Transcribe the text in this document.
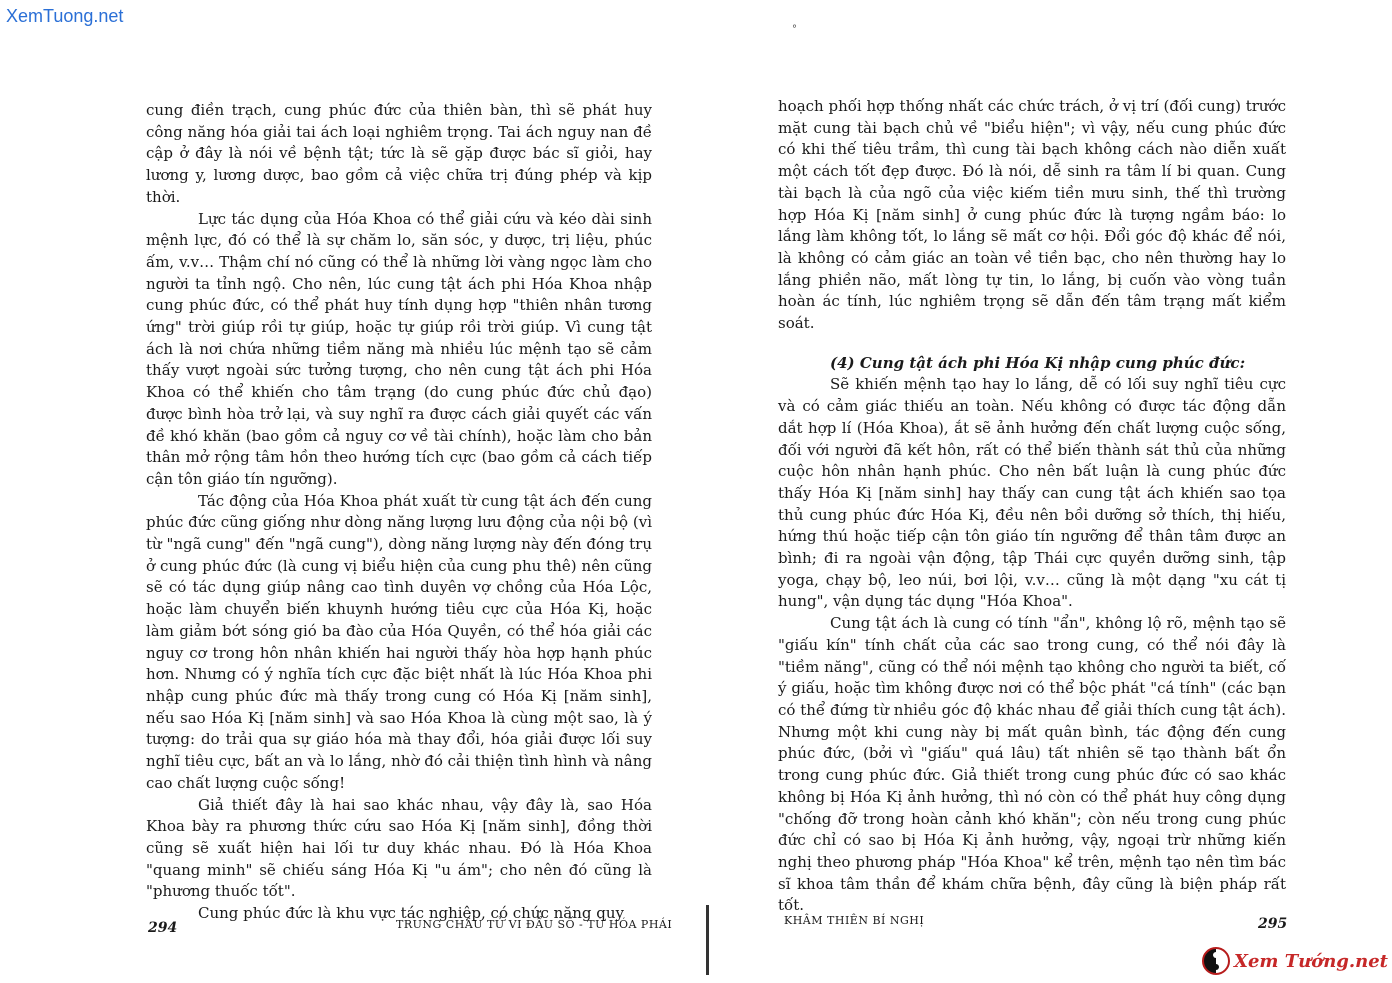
XemTuong.net
°

cung điền trạch, cung phúc đức của thiên bàn, thì sẽ phát huy công năng hóa giải tai ách loại nghiêm trọng. Tai ách nguy nan đề cập ở đây là nói về bệnh tật; tức là sẽ gặp được bác sĩ giỏi, hay lương y, lương dược, bao gồm cả việc chữa trị đúng phép và kịp thời.

Lực tác dụng của Hóa Khoa có thể giải cứu và kéo dài sinh mệnh lực, đó có thể là sự chăm lo, săn sóc, y dược, trị liệu, phúc ấm, v.v… Thậm chí nó cũng có thể là những lời vàng ngọc làm cho người ta tỉnh ngộ. Cho nên, lúc cung tật ách phi Hóa Khoa nhập cung phúc đức, có thể phát huy tính dụng hợp "thiên nhân tương ứng" trời giúp rồi tự giúp, hoặc tự giúp rồi trời giúp. Vì cung tật ách là nơi chứa những tiềm năng mà nhiều lúc mệnh tạo sẽ cảm thấy vượt ngoài sức tưởng tượng, cho nên cung tật ách phi Hóa Khoa có thể khiến cho tâm trạng (do cung phúc đức chủ đạo) được bình hòa trở lại, và suy nghĩ ra được cách giải quyết các vấn đề khó khăn (bao gồm cả nguy cơ về tài chính), hoặc làm cho bản thân mở rộng tâm hồn theo hướng tích cực (bao gồm cả cách tiếp cận tôn giáo tín ngưỡng).

Tác động của Hóa Khoa phát xuất từ cung tật ách đến cung phúc đức cũng giống như dòng năng lượng lưu động của nội bộ (vì từ "ngã cung" đến "ngã cung"), dòng năng lượng này đến đóng trụ ở cung phúc đức (là cung vị biểu hiện của cung phu thê) nên cũng sẽ có tác dụng giúp nâng cao tình duyên vợ chồng của Hóa Lộc, hoặc làm chuyển biến khuynh hướng tiêu cực của Hóa Kị, hoặc làm giảm bớt sóng gió ba đào của Hóa Quyền, có thể hóa giải các nguy cơ trong hôn nhân khiến hai người thấy hòa hợp hạnh phúc hơn. Nhưng có ý nghĩa tích cực đặc biệt nhất là lúc Hóa Khoa phi nhập cung phúc đức mà thấy trong cung có Hóa Kị [năm sinh], nếu sao Hóa Kị [năm sinh] và sao Hóa Khoa là cùng một sao, là ý tượng: do trải qua sự giáo hóa mà thay đổi, hóa giải được lối suy nghĩ tiêu cực, bất an và lo lắng, nhờ đó cải thiện tình hình và nâng cao chất lượng cuộc sống!

Giả thiết đây là hai sao khác nhau, vậy đây là, sao Hóa Khoa bày ra phương thức cứu sao Hóa Kị [năm sinh], đồng thời cũng sẽ xuất hiện hai lối tư duy khác nhau. Đó là Hóa Khoa "quang minh" sẽ chiếu sáng Hóa Kị "u ám"; cho nên đó cũng là "phương thuốc tốt".

Cung phúc đức là khu vực tác nghiệp, có chức năng quy

294	TRUNG CHÂU TỬ VI ĐẨU SỐ - TỨ HÓA PHÁI

hoạch phối hợp thống nhất các chức trách, ở vị trí (đối cung) trước mặt cung tài bạch chủ về "biểu hiện"; vì vậy, nếu cung phúc đức có khi thế tiêu trầm, thì cung tài bạch không cách nào diễn xuất một cách tốt đẹp được. Đó là nói, dễ sinh ra tâm lí bi quan. Cung tài bạch là của ngõ của việc kiếm tiền mưu sinh, thế thì trường hợp Hóa Kị [năm sinh] ở cung phúc đức là tượng ngầm báo: lo lắng làm không tốt, lo lắng sẽ mất cơ hội. Đổi góc độ khác để nói, là không có cảm giác an toàn về tiền bạc, cho nên thường hay lo lắng phiền não, mất lòng tự tin, lo lắng, bị cuốn vào vòng tuần hoàn ác tính, lúc nghiêm trọng sẽ dẫn đến tâm trạng mất kiểm soát.

(4) Cung tật ách phi Hóa Kị nhập cung phúc đức:

Sẽ khiến mệnh tạo hay lo lắng, dễ có lối suy nghĩ tiêu cực và có cảm giác thiếu an toàn. Nếu không có được tác động dẫn dắt hợp lí (Hóa Khoa), ắt sẽ ảnh hưởng đến chất lượng cuộc sống, đối với người đã kết hôn, rất có thể biến thành sát thủ của những cuộc hôn nhân hạnh phúc. Cho nên bất luận là cung phúc đức thấy Hóa Kị [năm sinh] hay thấy can cung tật ách khiến sao tọa thủ cung phúc đức Hóa Kị, đều nên bồi dưỡng sở thích, thị hiếu, hứng thú hoặc tiếp cận tôn giáo tín ngưỡng để thân tâm được an bình; đi ra ngoài vận động, tập Thái cực quyền dưỡng sinh, tập yoga, chạy bộ, leo núi, bơi lội, v.v… cũng là một dạng "xu cát tị hung", vận dụng tác dụng "Hóa Khoa".

Cung tật ách là cung có tính "ẩn", không lộ rõ, mệnh tạo sẽ "giấu kín" tính chất của các sao trong cung, có thể nói đây là "tiềm năng", cũng có thể nói mệnh tạo không cho người ta biết, cố ý giấu, hoặc tìm không được nơi có thể bộc phát "cá tính" (các bạn có thể đứng từ nhiều góc độ khác nhau để giải thích cung tật ách). Nhưng một khi cung này bị mất quân bình, tác động đến cung phúc đức, (bởi vì "giấu" quá lâu) tất nhiên sẽ tạo thành bất ổn trong cung phúc đức. Giả thiết trong cung phúc đức có sao khác không bị Hóa Kị ảnh hưởng, thì nó còn có thể phát huy công dụng "chống đỡ trong hoàn cảnh khó khăn"; còn nếu trong cung phúc đức chỉ có sao bị Hóa Kị ảnh hưởng, vậy, ngoại trừ những kiến nghị theo phương pháp "Hóa Khoa" kể trên, mệnh tạo nên tìm bác sĩ khoa tâm thần để khám chữa bệnh, đây cũng là biện pháp rất tốt.

KHÂM THIÊN BÍ NGHỊ	295
Xem Tướng.net
